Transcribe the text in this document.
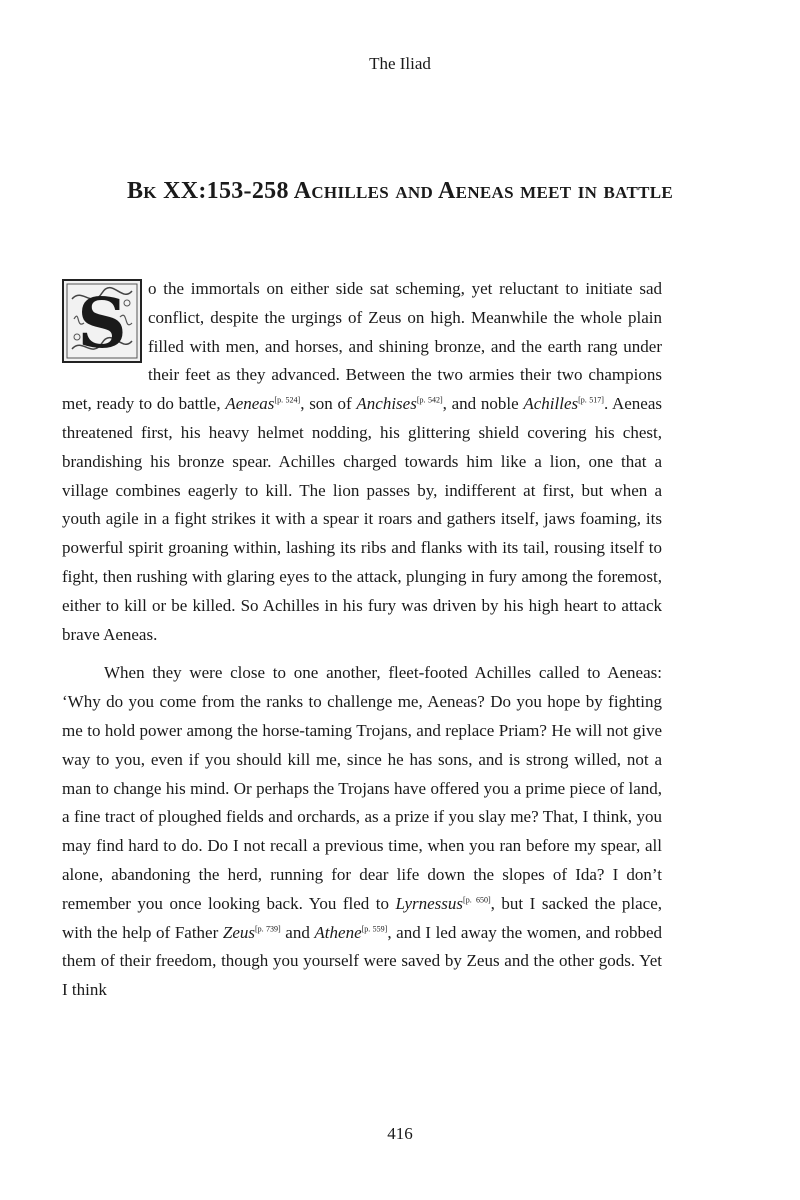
The Iliad
Bk XX:153-258 Achilles and Aeneas meet in battle

S o the immortals on either side sat scheming, yet reluctant to initiate sad conflict, despite the urgings of Zeus on high. Meanwhile the whole plain filled with men, and horses, and shining bronze, and the earth rang under their feet as they advanced. Between the two armies their two champions met, ready to do battle, Aeneas[p. 524], son of Anchises[p. 542], and noble Achilles[p. 517]. Aeneas threatened first, his heavy helmet nodding, his glittering shield covering his chest, brandishing his bronze spear. Achilles charged towards him like a lion, one that a village combines eagerly to kill. The lion passes by, indifferent at first, but when a youth agile in a fight strikes it with a spear it roars and gathers itself, jaws foaming, its powerful spirit groaning within, lashing its ribs and flanks with its tail, rousing itself to fight, then rushing with glaring eyes to the attack, plunging in fury among the foremost, either to kill or be killed. So Achilles in his fury was driven by his high heart to attack brave Aeneas.

When they were close to one another, fleet-footed Achilles called to Aeneas: ‘Why do you come from the ranks to challenge me, Aeneas? Do you hope by fighting me to hold power among the horse-taming Trojans, and replace Priam? He will not give way to you, even if you should kill me, since he has sons, and is strong willed, not a man to change his mind. Or perhaps the Trojans have offered you a prime piece of land, a fine tract of ploughed fields and orchards, as a prize if you slay me? That, I think, you may find hard to do. Do I not recall a previous time, when you ran before my spear, all alone, abandoning the herd, running for dear life down the slopes of Ida? I don’t remember you once looking back. You fled to Lyrnessus[p. 650], but I sacked the place, with the help of Father Zeus[p. 739] and Athene[p. 559], and I led away the women, and robbed them of their freedom, though you yourself were saved by Zeus and the other gods. Yet I think

416
